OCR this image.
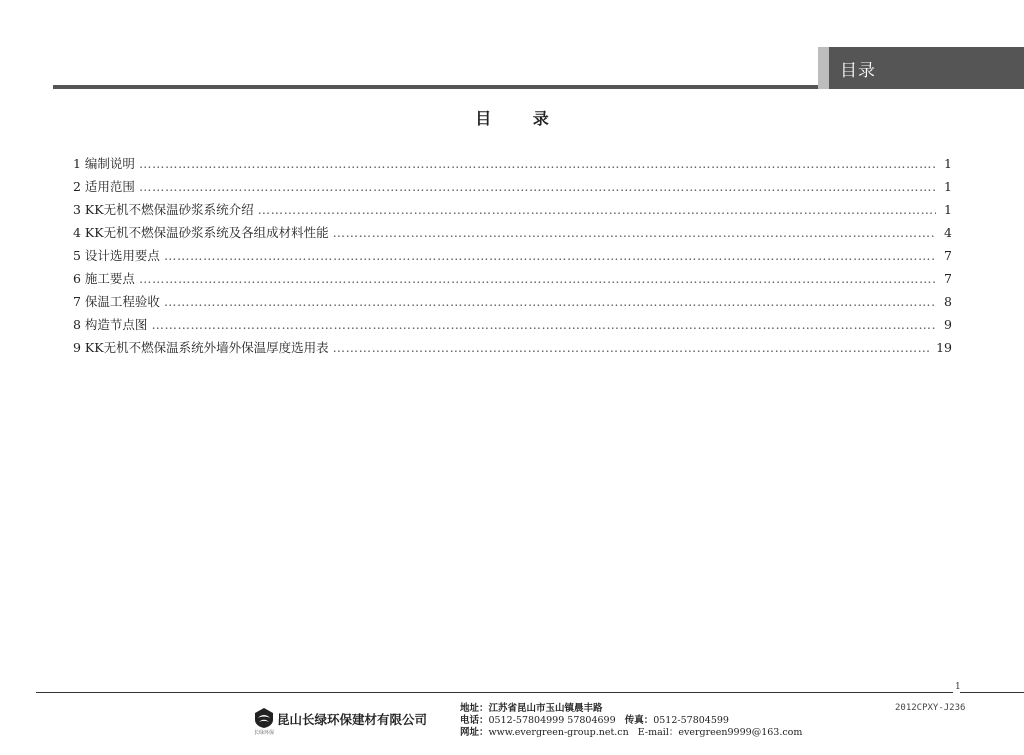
目录
目 录
1 编制说明 …………………………………………………………………………………………………………………………………………………………………………………………………………………………………………	1
2 适用范围 …………………………………………………………………………………………………………………………………………………………………………………………………………………………………………	1
3 KK无机不燃保温砂浆系统介绍 …………………………………………………………………………………………………………………………………………………………………………………………………………………………………………	1
4 KK无机不燃保温砂浆系统及各组成材料性能 …………………………………………………………………………………………………………………………………………………………………………………………………………………………………………	4
5 设计选用要点 …………………………………………………………………………………………………………………………………………………………………………………………………………………………………………	7
6 施工要点 …………………………………………………………………………………………………………………………………………………………………………………………………………………………………………	7
7 保温工程验收 …………………………………………………………………………………………………………………………………………………………………………………………………………………………………………	8
8 构造节点图 …………………………………………………………………………………………………………………………………………………………………………………………………………………………………………	9
9 KK无机不燃保温系统外墙外保温厚度选用表 …………………………………………………………………………………………………………………………………………………………………………………………………………………………………………	19
1
2012CPXY-J236
长绿环保
昆山长绿环保建材有限公司
地址：江苏省昆山市玉山镇晨丰路
电话：0512-57804999 57804699 传真：0512-57804599
网址：www.evergreen-group.net.cn E-mail：evergreen9999@163.com
